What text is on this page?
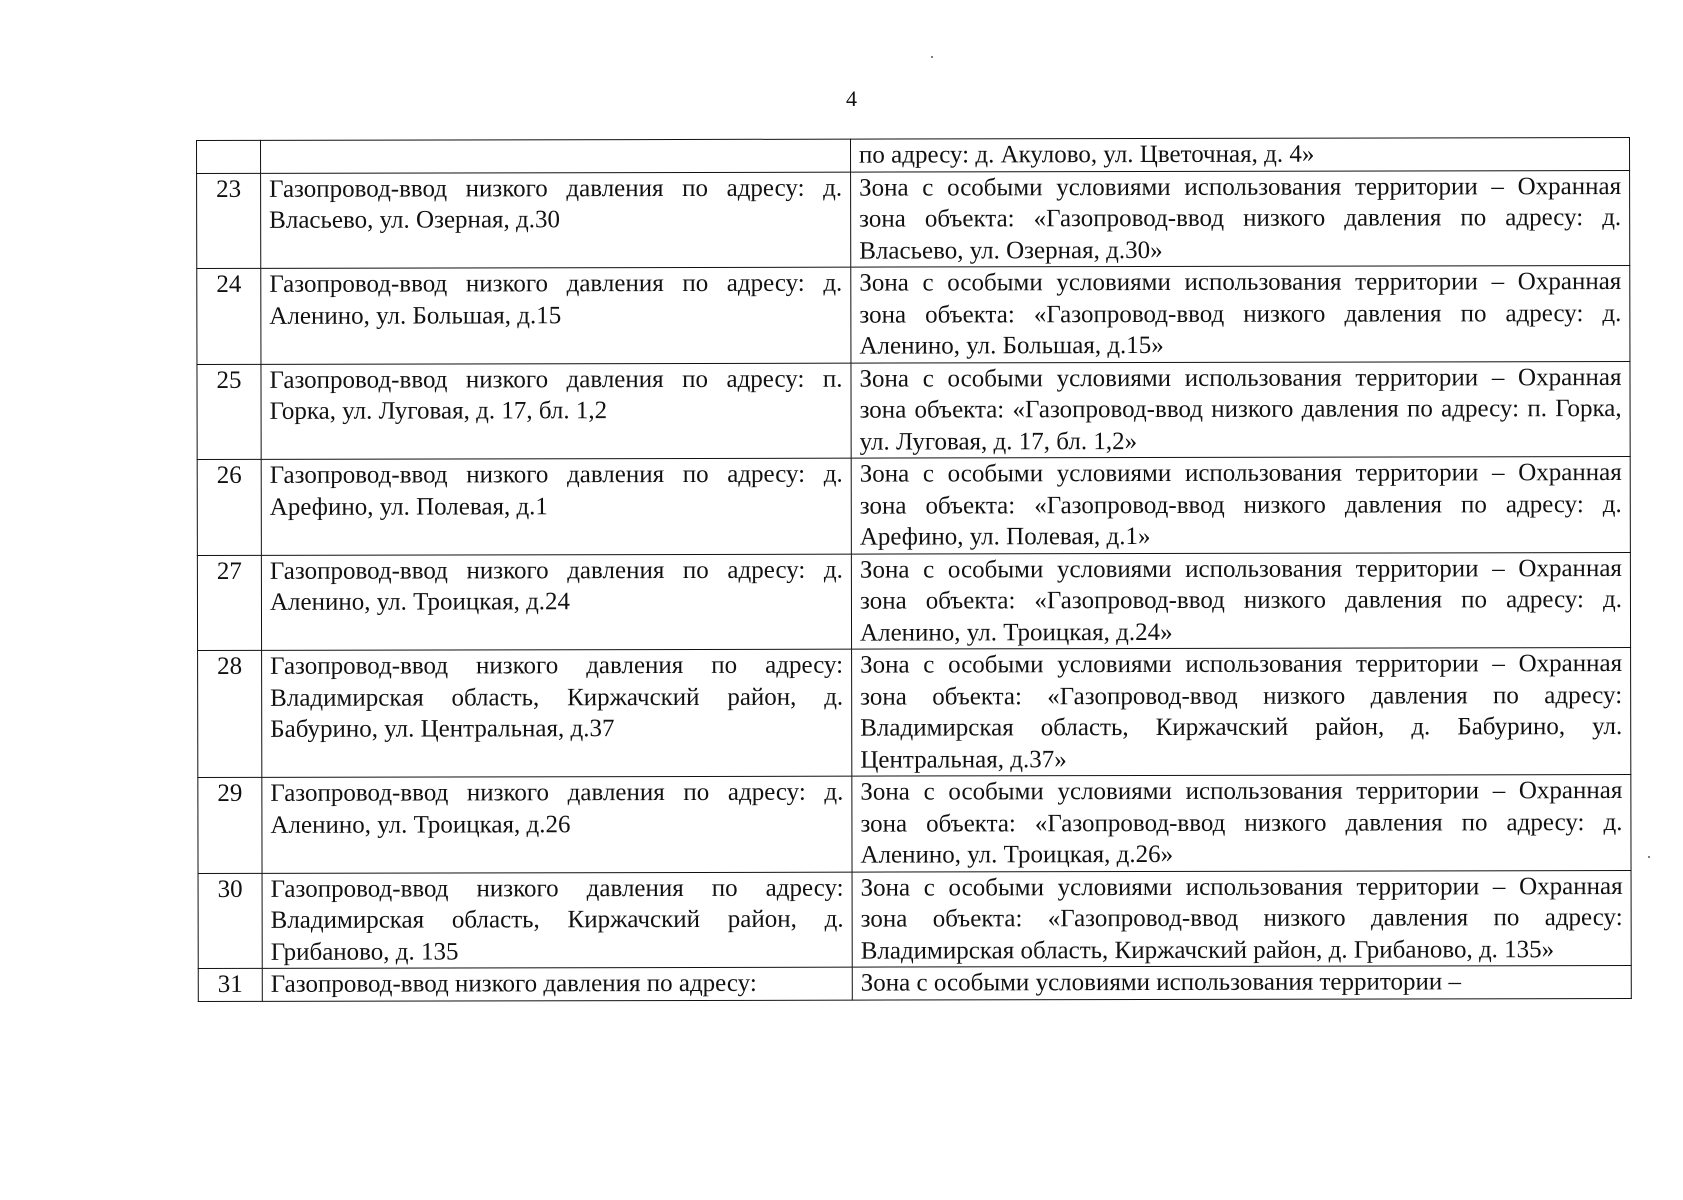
4
		по адресу: д. Акулово, ул. Цветочная, д. 4»
23	Газопровод-ввод низкого давления по адресу: д. Власьево, ул. Озерная, д.30	Зона с особыми условиями использования территории – Охранная зона объекта: «Газопровод-ввод низкого давления по адресу: д. Власьево, ул. Озерная, д.30»
24	Газопровод-ввод низкого давления по адресу: д. Аленино, ул. Большая, д.15	Зона с особыми условиями использования территории – Охранная зона объекта: «Газопровод-ввод низкого давления по адресу: д. Аленино, ул. Большая, д.15»
25	Газопровод-ввод низкого давления по адресу: п. Горка, ул. Луговая, д. 17, бл. 1,2	Зона с особыми условиями использования территории – Охранная зона объекта: «Газопровод-ввод низкого давления по адресу: п. Горка, ул. Луговая, д. 17, бл. 1,2»
26	Газопровод-ввод низкого давления по адресу: д. Арефино, ул. Полевая, д.1	Зона с особыми условиями использования территории – Охранная зона объекта: «Газопровод-ввод низкого давления по адресу: д. Арефино, ул. Полевая, д.1»
27	Газопровод-ввод низкого давления по адресу: д. Аленино, ул. Троицкая, д.24	Зона с особыми условиями использования территории – Охранная зона объекта: «Газопровод-ввод низкого давления по адресу: д. Аленино, ул. Троицкая, д.24»
28	Газопровод-ввод низкого давления по адресу: Владимирская область, Киржачский район, д. Бабурино, ул. Центральная, д.37	Зона с особыми условиями использования территории – Охранная зона объекта: «Газопровод-ввод низкого давления по адресу: Владимирская область, Киржачский район, д. Бабурино, ул. Центральная, д.37»
29	Газопровод-ввод низкого давления по адресу: д. Аленино, ул. Троицкая, д.26	Зона с особыми условиями использования территории – Охранная зона объекта: «Газопровод-ввод низкого давления по адресу: д. Аленино, ул. Троицкая, д.26»
30	Газопровод-ввод низкого давления по адресу: Владимирская область, Киржачский район, д. Грибаново, д. 135	Зона с особыми условиями использования территории – Охранная зона объекта: «Газопровод-ввод низкого давления по адресу: Владимирская область, Киржачский район, д. Грибаново, д. 135»
31	Газопровод-ввод низкого давления по адресу:	Зона с особыми условиями использования территории –
